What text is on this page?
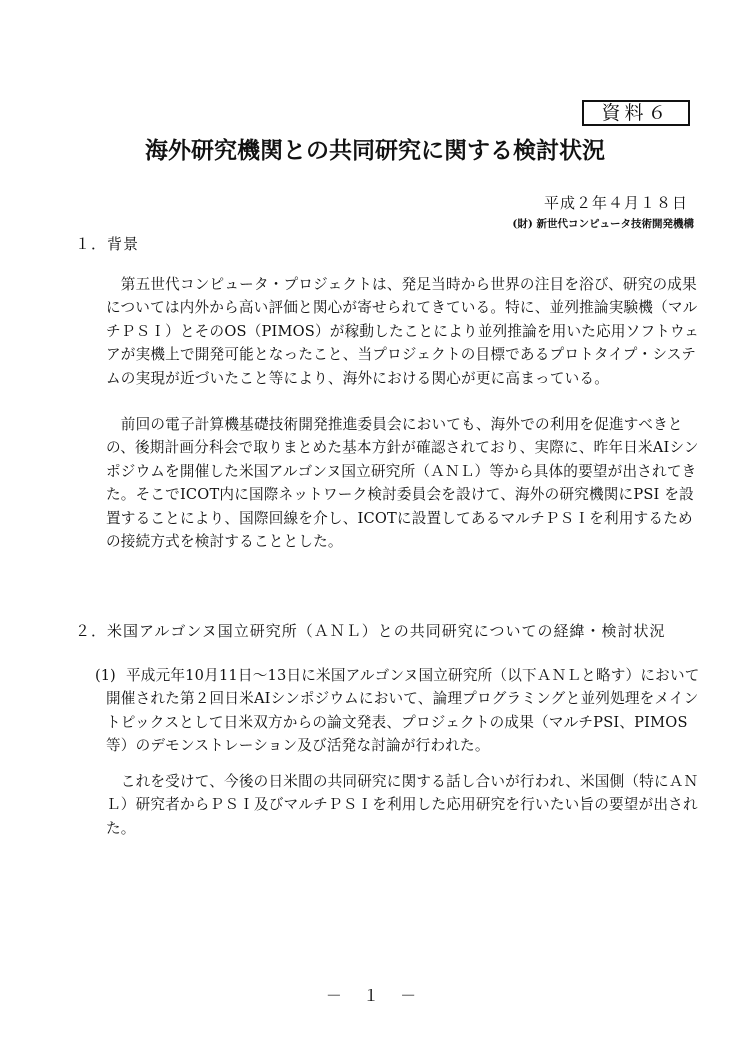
資料６
海外研究機関との共同研究に関する検討状況
平成２年４月１８日
(財) 新世代コンピュータ技術開発機構
１．背景

　第五世代コンピュータ・プロジェクトは、発足当時から世界の注目を浴び、研究の成果については内外から高い評価と関心が寄せられてきている。特に、並列推論実験機（マルチＰＳＩ）とそのOS（PIMOS）が稼動したことにより並列推論を用いた応用ソフトウェアが実機上で開発可能となったこと、当プロジェクトの目標であるプロトタイプ・システムの実現が近づいたこと等により、海外における関心が更に高まっている。

　前回の電子計算機基礎技術開発推進委員会においても、海外での利用を促進すべきとの、後期計画分科会で取りまとめた基本方針が確認されており、実際に、昨年日米AIシンポジウムを開催した米国アルゴンヌ国立研究所（ＡＮＬ）等から具体的要望が出されてきた。そこでICOT内に国際ネットワーク検討委員会を設けて、海外の研究機関にPSI を設置することにより、国際回線を介し、ICOTに設置してあるマルチＰＳＩを利用するための接続方式を検討することとした。

２．米国アルゴンヌ国立研究所（ＡＮＬ）との共同研究についての経緯・検討状況
(1) 平成元年10月11日～13日に米国アルゴンヌ国立研究所（以下ＡＮＬと略す）において開催された第２回日米AIシンポジウムにおいて、論理プログラミングと並列処理をメイントピックスとして日米双方からの論文発表、プロジェクトの成果（マルチPSI、PIMOS等）のデモンストレーション及び活発な討論が行われた。

　これを受けて、今後の日米間の共同研究に関する話し合いが行われ、米国側（特にＡＮＬ）研究者からＰＳＩ及びマルチＰＳＩを利用した応用研究を行いたい旨の要望が出された。

－ １ －
